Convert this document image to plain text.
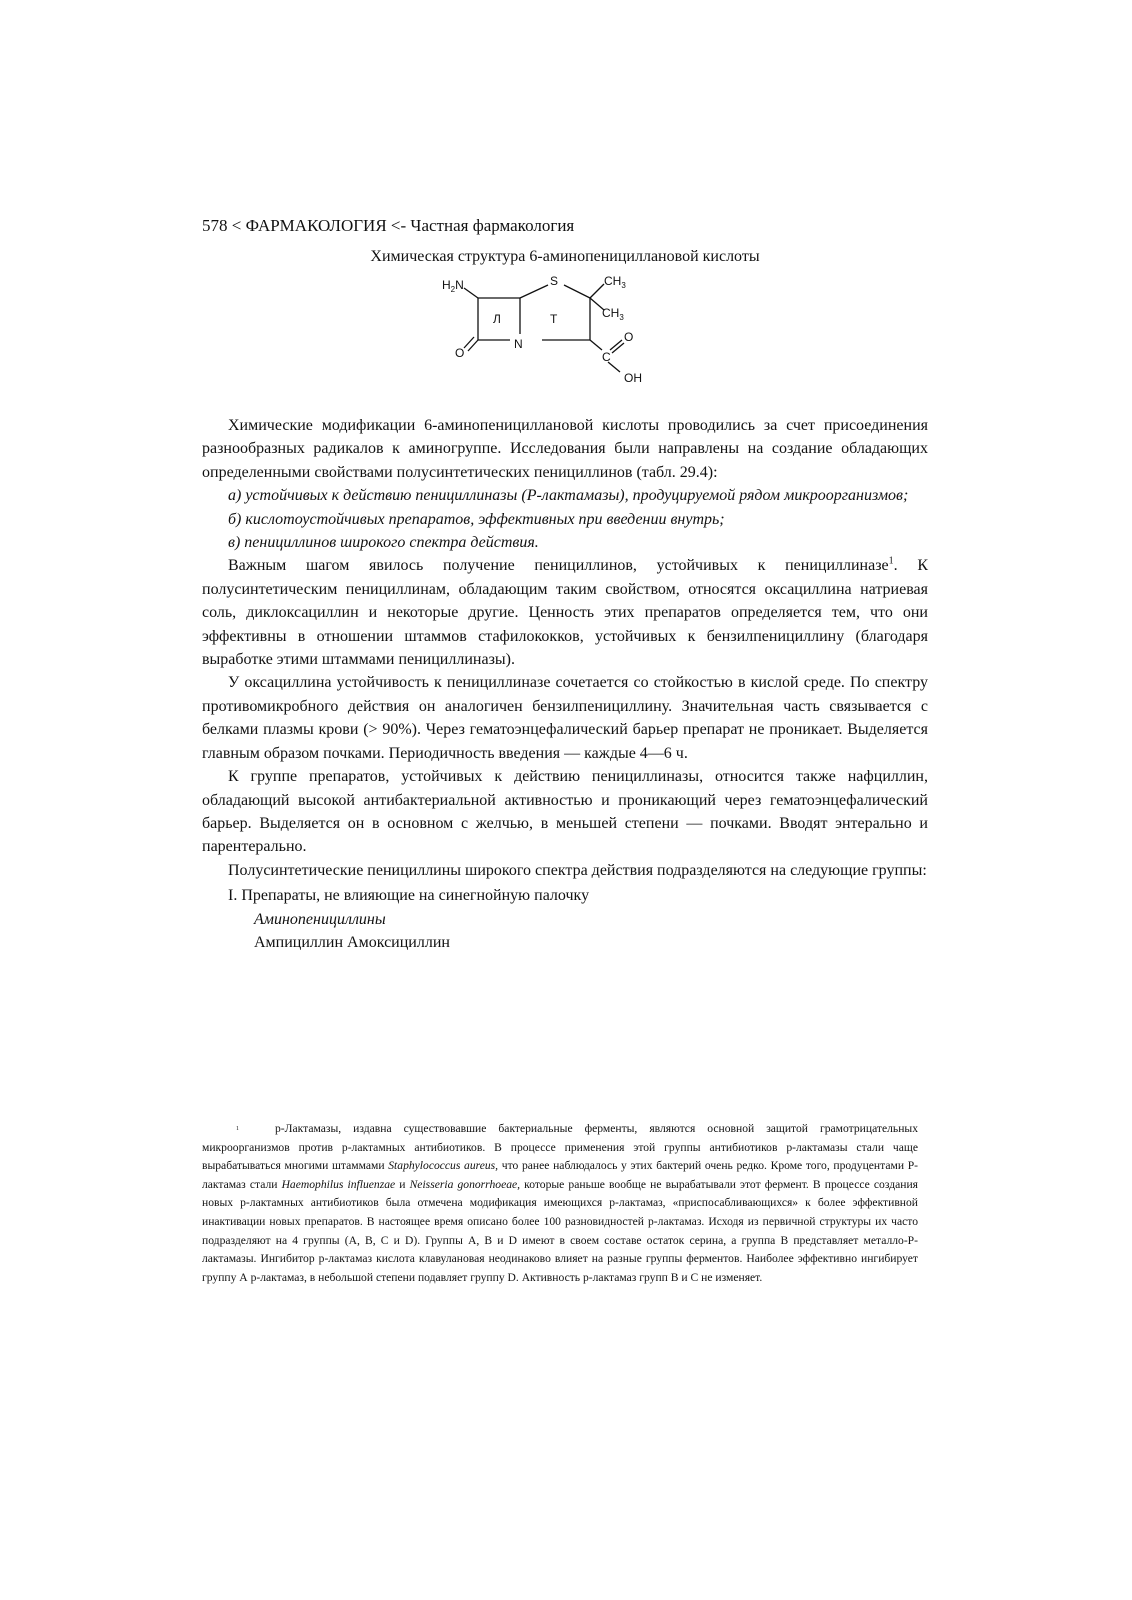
578 < ФАРМАКОЛОГИЯ <- Частная фармакология
Химическая структура 6-аминопенициллановой кислоты
$H_2N$	S	$CH_3$
$CH_3$
Л	Т
N
O	C
O
OH

Химические модификации 6-аминопенициллановой кислоты проводились за счет присоединения разнообразных радикалов к аминогруппе. Исследования были направлены на создание обладающих определенными свойствами полусинтетических пенициллинов (табл. 29.4):

а) устойчивых к действию пенициллиназы (Р-лактамазы), продуцируемой рядом микроорганизмов;

б) кислотоустойчивых препаратов, эффективных при введении внутрь;

в) пенициллинов широкого спектра действия.

Важным шагом явилось получение пенициллинов, устойчивых к пенициллиназе$^1$. К полусинтетическим пенициллинам, обладающим таким свойством, относятся оксациллина натриевая соль, диклоксациллин и некоторые другие. Ценность этих препаратов определяется тем, что они эффективны в отношении штаммов стафилококков, устойчивых к бензилпенициллину (благодаря выработке этими штаммами пенициллиназы).

У оксациллина устойчивость к пенициллиназе сочетается со стойкостью в кислой среде. По спектру противомикробного действия он аналогичен бензилпенициллину. Значительная часть связывается с белками плазмы крови (> 90%). Через гематоэнцефалический барьер препарат не проникает. Выделяется главным образом почками. Периодичность введения — каждые 4—6 ч.

К группе препаратов, устойчивых к действию пенициллиназы, относится также нафциллин, обладающий высокой антибактериальной активностью и проникающий через гематоэнцефалический барьер. Выделяется он в основном с желчью, в меньшей степени — почками. Вводят энтерально и парентерально.

Полусинтетические пенициллины широкого спектра действия подразделяются на следующие группы:

I. Препараты, не влияющие на синегнойную палочку

Аминопенициллины

Ампициллин Амоксициллин

$^1$	р-Лактамазы, издавна существовавшие бактериальные ферменты, являются основной защитой грамотрицательных микроорганизмов против р-лактамных антибиотиков. В процессе применения этой группы антибиотиков р-лактамазы стали чаще вырабатываться многими штаммами Staphylococcus aureus, что ранее наблюдалось у этих бактерий очень редко. Кроме того, продуцентами Р-лактамаз стали Haemophilus influenzae и Neisseria gonorrhoeae, которые раньше вообще не вырабатывали этот фермент. В процессе создания новых р-лактамных антибиотиков была отмечена модификация имеющихся р-лактамаз, «приспосабливающихся» к более эффективной инактивации новых препаратов. В настоящее время описано более 100 разновидностей р-лактамаз. Исходя из первичной структуры их часто подразделяют на 4 группы (А, В, С и D). Группы А, В и D имеют в своем составе остаток серина, а группа В представляет металло-Р-лактамазы. Ингибитор р-лактамаз кислота клавулановая неодинаково влияет на разные группы ферментов. Наиболее эффективно ингибирует группу А р-лактамаз, в небольшой степени подавляет группу D. Активность р-лактамаз групп В и С не изменяет.
